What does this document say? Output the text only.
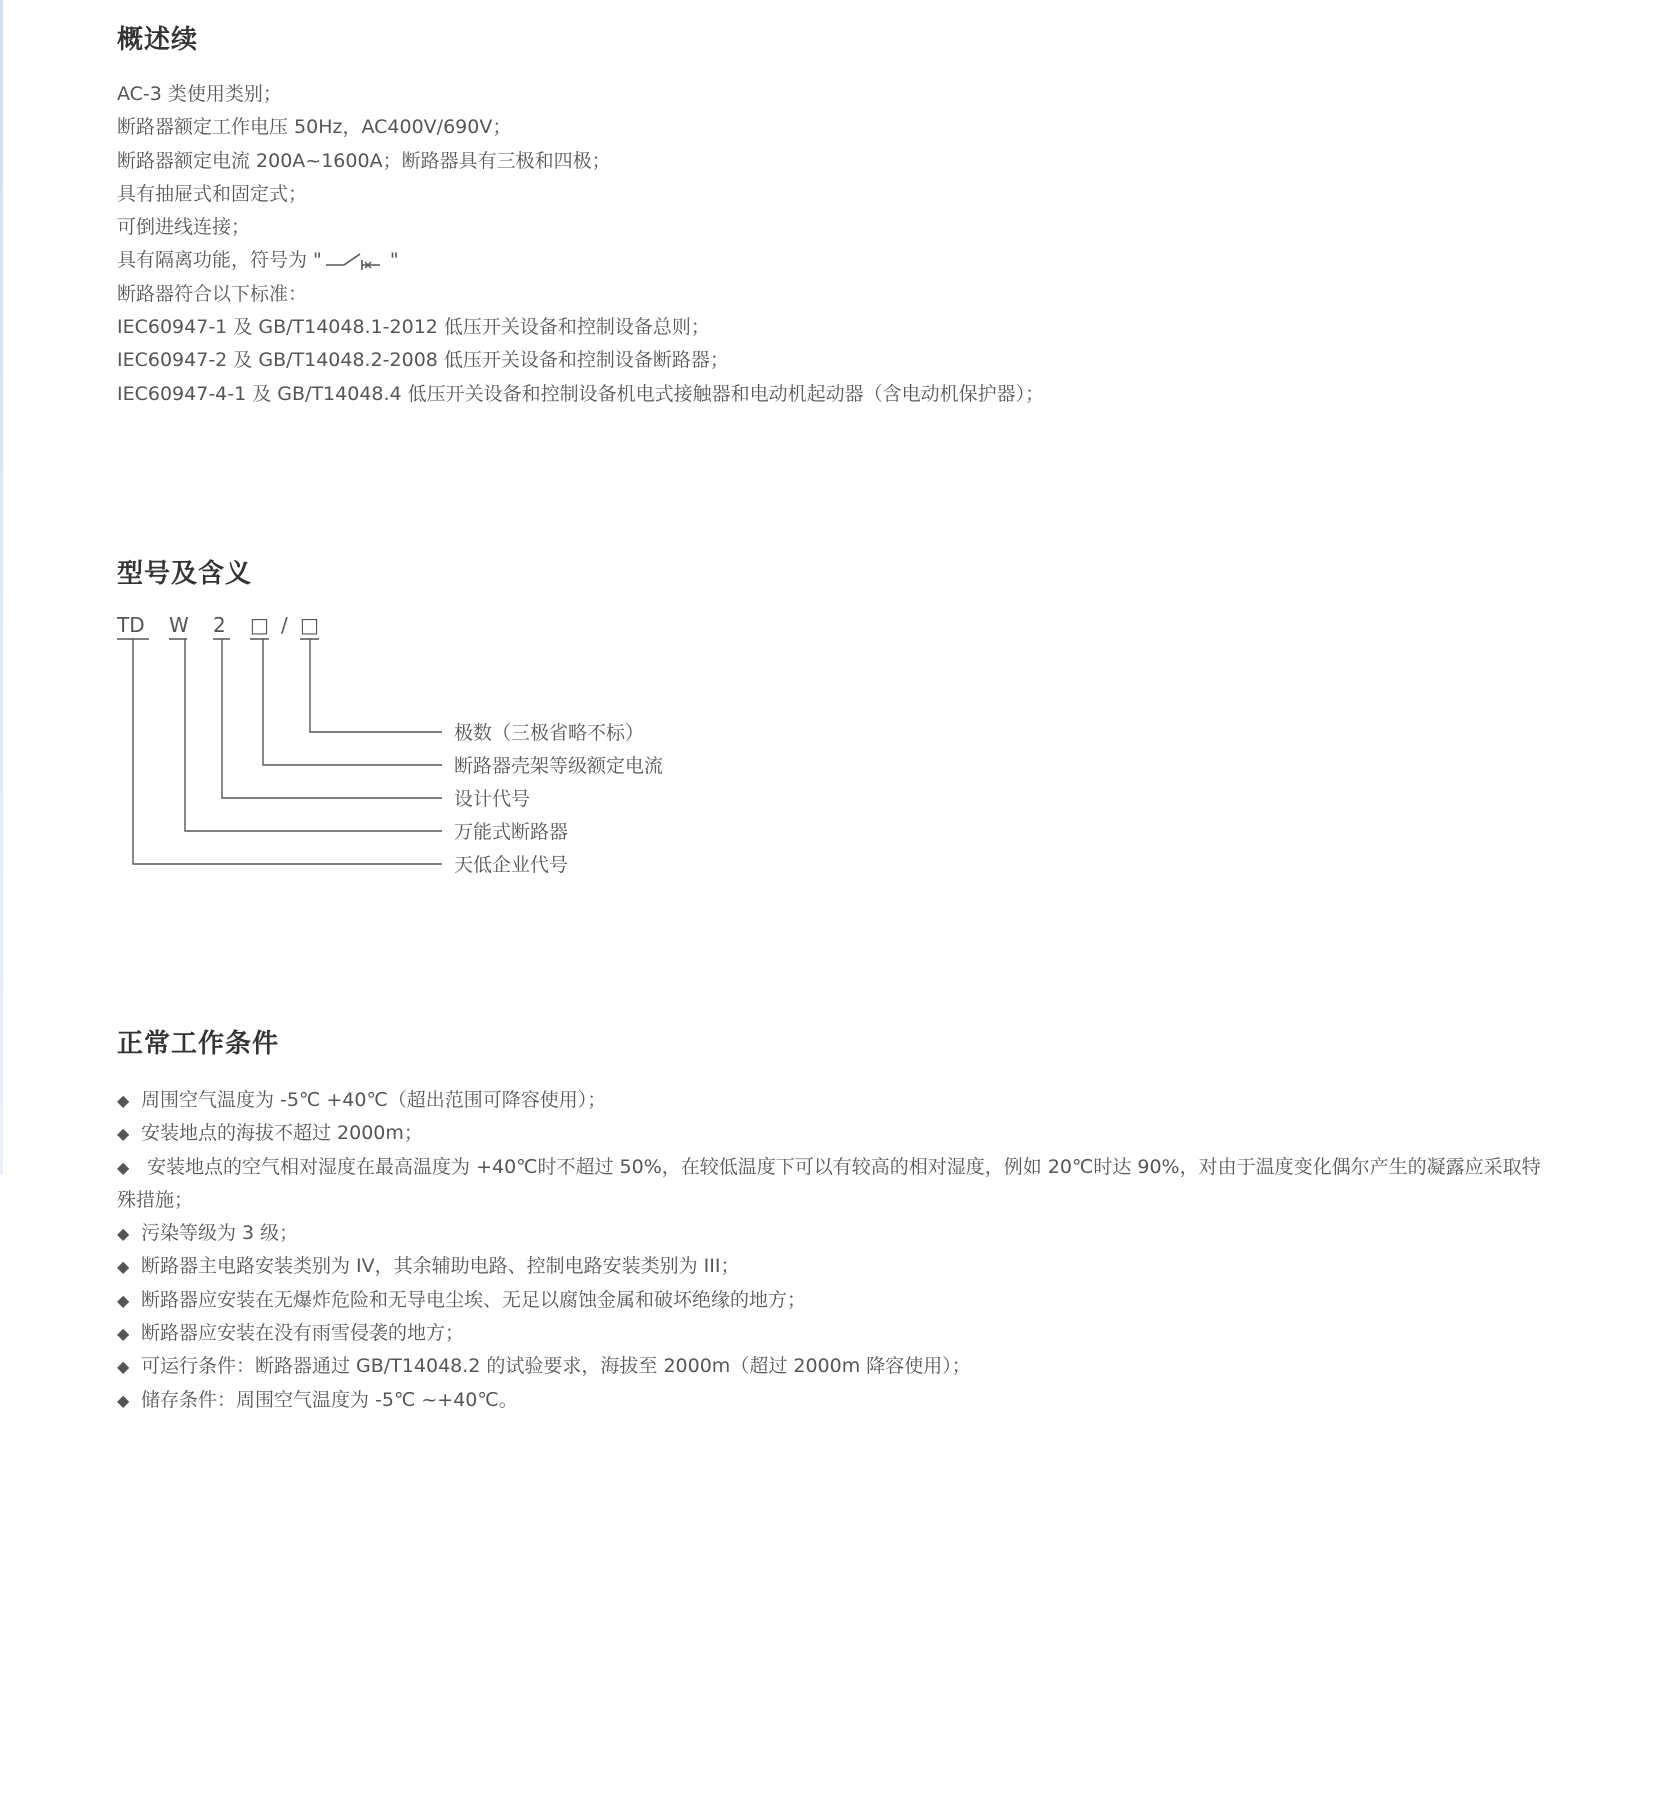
概述续
AC-3 类使用类别；
断路器额定工作电压 50Hz，AC400V/690V；
断路器额定电流 200A~1600A；断路器具有三极和四极；
具有抽屉式和固定式；
可倒进线连接；
具有隔离功能，符号为 "	"
断路器符合以下标准：
IEC60947-1 及 GB/T14048.1-2012 低压开关设备和控制设备总则；
IEC60947-2 及 GB/T14048.2-2008 低压开关设备和控制设备断路器；
IEC60947-4-1 及 GB/T14048.4 低压开关设备和控制设备机电式接触器和电动机起动器（含电动机保护器）；
型号及含义
TD W 2 □ / □
极数（三极省略不标）
断路器壳架等级额定电流
设计代号
万能式断路器
天低企业代号
正常工作条件
◆ 周围空气温度为 -5℃ +40℃（超出范围可降容使用）；
◆ 安装地点的海拔不超过 2000m；
◆ 安装地点的空气相对湿度在最高温度为 +40℃时不超过 50%，在较低温度下可以有较高的相对湿度，例如 20℃时达 90%，对由于温度变化偶尔产生的凝露应采取特殊措施；
◆ 污染等级为 3 级；
◆ 断路器主电路安装类别为 IV，其余辅助电路、控制电路安装类别为 III；
◆ 断路器应安装在无爆炸危险和无导电尘埃、无足以腐蚀金属和破坏绝缘的地方；
◆ 断路器应安装在没有雨雪侵袭的地方；
◆ 可运行条件：断路器通过 GB/T14048.2 的试验要求，海拔至 2000m（超过 2000m 降容使用）；
◆ 储存条件：周围空气温度为 -5℃ ~+40℃。
